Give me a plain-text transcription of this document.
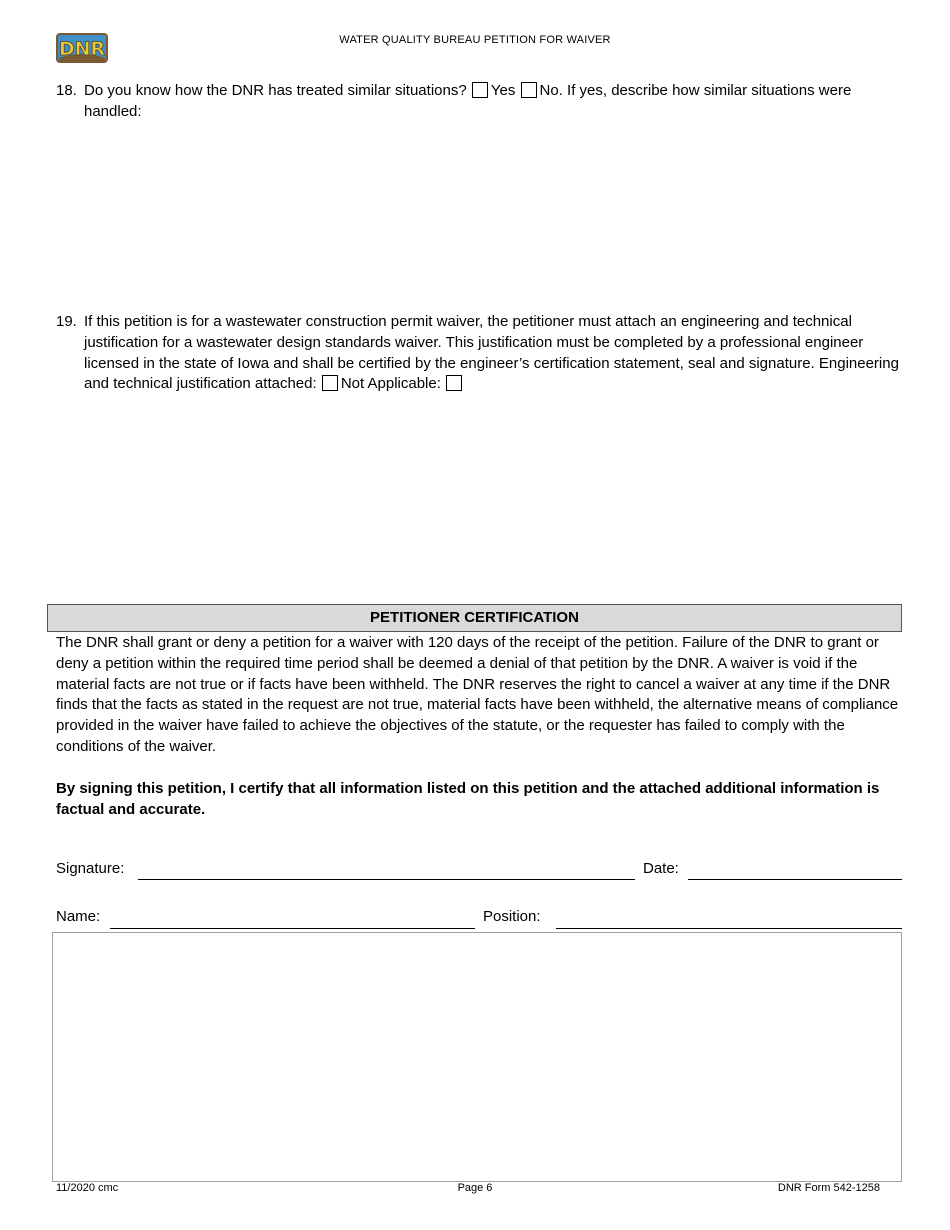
DNR	WATER QUALITY BUREAU PETITION FOR WAIVER
18. Do you know how the DNR has treated similar situations? Yes No. If yes, describe how similar situations were handled:
19. If this petition is for a wastewater construction permit waiver, the petitioner must attach an engineering and technical justification for a wastewater design standards waiver. This justification must be completed by a professional engineer licensed in the state of Iowa and shall be certified by the engineer’s certification statement, seal and signature. Engineering and technical justification attached: Not Applicable:
PETITIONER CERTIFICATION
The DNR shall grant or deny a petition for a waiver with 120 days of the receipt of the petition. Failure of the DNR to grant or deny a petition within the required time period shall be deemed a denial of that petition by the DNR. A waiver is void if the material facts are not true or if facts have been withheld. The DNR reserves the right to cancel a waiver at any time if the DNR finds that the facts as stated in the request are not true, material facts have been withheld, the alternative means of compliance provided in the waiver have failed to achieve the objectives of the statute, or the requester has failed to comply with the conditions of the waiver.
By signing this petition, I certify that all information listed on this petition and the attached additional information is factual and accurate.
Signature:	Date:
Name:	Position:
11/2020 cmc	Page 6	DNR Form 542-1258
